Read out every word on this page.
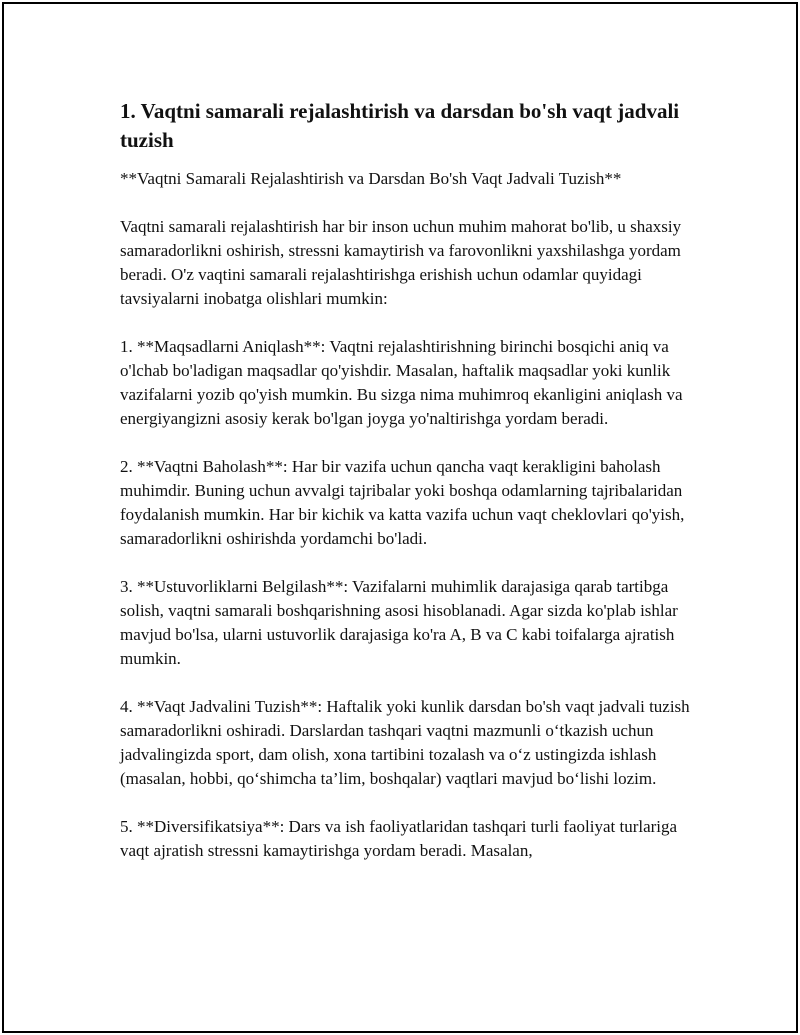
1. Vaqtni samarali rejalashtirish va darsdan bo'sh vaqt jadvali tuzish

**Vaqtni Samarali Rejalashtirish va Darsdan Bo'sh Vaqt Jadvali Tuzish**

Vaqtni samarali rejalashtirish har bir inson uchun muhim mahorat bo'lib, u shaxsiy samaradorlikni oshirish, stressni kamaytirish va farovonlikni yaxshilashga yordam beradi. O'z vaqtini samarali rejalashtirishga erishish uchun odamlar quyidagi tavsiyalarni inobatga olishlari mumkin:

1. **Maqsadlarni Aniqlash**: Vaqtni rejalashtirishning birinchi bosqichi aniq va o'lchab bo'ladigan maqsadlar qo'yishdir. Masalan, haftalik maqsadlar yoki kunlik vazifalarni yozib qo'yish mumkin. Bu sizga nima muhimroq ekanligini aniqlash va energiyangizni asosiy kerak bo'lgan joyga yo'naltirishga yordam beradi.

2. **Vaqtni Baholash**: Har bir vazifa uchun qancha vaqt kerakligini baholash muhimdir. Buning uchun avvalgi tajribalar yoki boshqa odamlarning tajribalaridan foydalanish mumkin. Har bir kichik va katta vazifa uchun vaqt cheklovlari qo'yish, samaradorlikni oshirishda yordamchi bo'ladi.

3. **Ustuvorliklarni Belgilash**: Vazifalarni muhimlik darajasiga qarab tartibga solish, vaqtni samarali boshqarishning asosi hisoblanadi. Agar sizda ko'plab ishlar mavjud bo'lsa, ularni ustuvorlik darajasiga ko'ra A, B va C kabi toifalarga ajratish mumkin.

4. **Vaqt Jadvalini Tuzish**: Haftalik yoki kunlik darsdan bo'sh vaqt jadvali tuzish samaradorlikni oshiradi. Darslardan tashqari vaqtni mazmunli o‘tkazish uchun jadvalingizda sport, dam olish, xona tartibini tozalash va o‘z ustingizda ishlash (masalan, hobbi, qo‘shimcha ta’lim, boshqalar) vaqtlari mavjud bo‘lishi lozim.

5. **Diversifikatsiya**: Dars va ish faoliyatlaridan tashqari turli faoliyat turlariga vaqt ajratish stressni kamaytirishga yordam beradi. Masalan,
